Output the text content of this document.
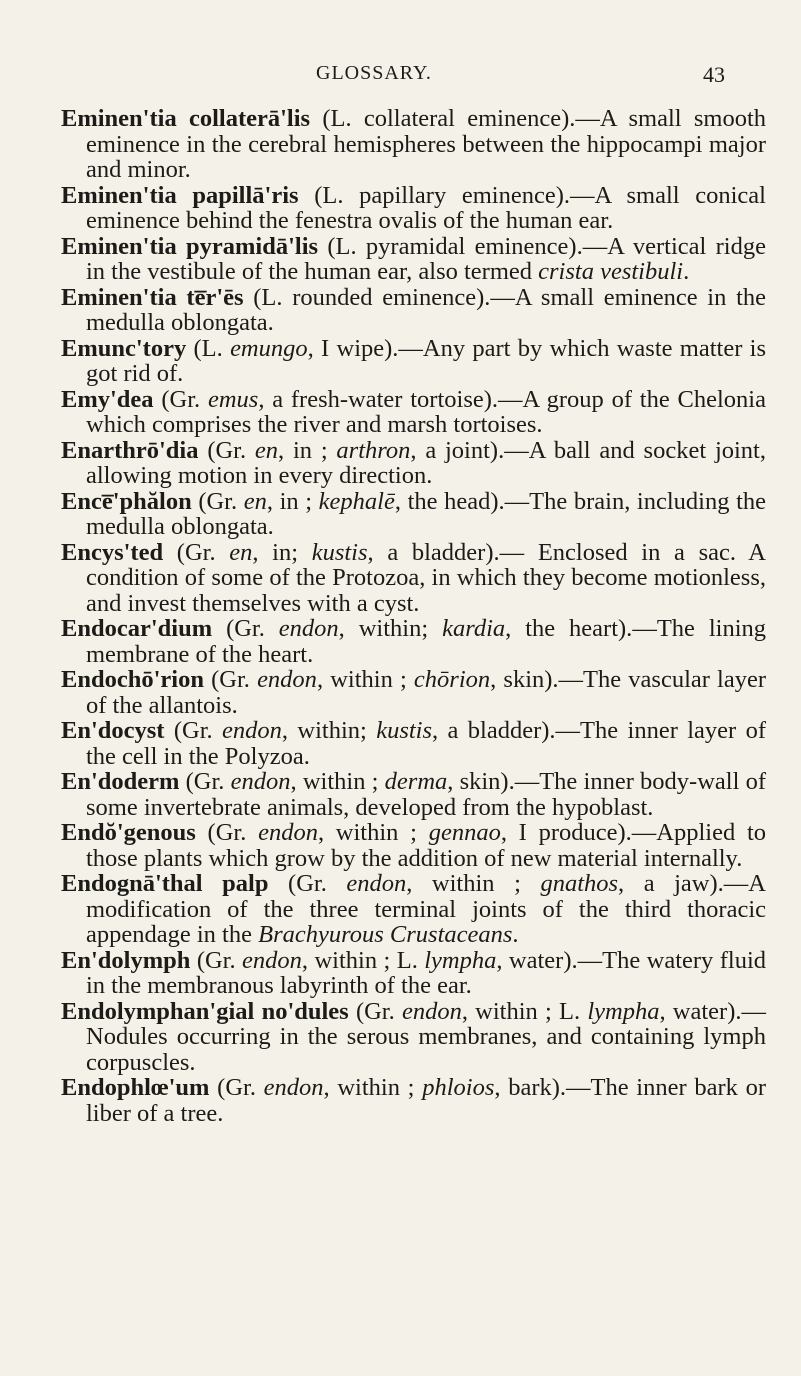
GLOSSARY.	43

Eminen'tia collaterā'lis (L. collateral eminence).—A small smooth eminence in the cerebral hemispheres between the hippocampi major and minor.

Eminen'tia papillā'ris (L. papillary eminence).—A small conical eminence behind the fenestra ovalis of the human ear.

Eminen'tia pyramidā'lis (L. pyramidal eminence).—A vertical ridge in the vestibule of the human ear, also termed crista vestibuli.

Eminen'tia te̅r'ēs (L. rounded eminence).—A small eminence in the medulla oblongata.

Emunc'tory (L. emungo, I wipe).—Any part by which waste matter is got rid of.

Emy'dea (Gr. emus, a fresh-water tortoise).—A group of the Chelonia which comprises the river and marsh tortoises.

Enarthrō'dia (Gr. en, in ; arthron, a joint).—A ball and socket joint, allowing motion in every direction.

Ence̅'phălon (Gr. en, in ; kephalē, the head).—The brain, including the medulla oblongata.

Encys'ted (Gr. en, in; kustis, a bladder).— Enclosed in a sac. A condition of some of the Protozoa, in which they become motionless, and invest themselves with a cyst.

Endocar'dium (Gr. endon, within; kardia, the heart).—The lining membrane of the heart.

Endochō'rion (Gr. endon, within ; chōrion, skin).—The vascular layer of the allantois.

En'docyst (Gr. endon, within; kustis, a bladder).—The inner layer of the cell in the Polyzoa.

En'doderm (Gr. endon, within ; derma, skin).—The inner body-wall of some invertebrate animals, developed from the hypoblast.

Endŏ'genous (Gr. endon, within ; gennao, I produce).—Applied to those plants which grow by the addition of new material internally.

Endognā'thal palp (Gr. endon, within ; gnathos, a jaw).—A modification of the three terminal joints of the third thoracic appendage in the Brachyurous Crustaceans.

En'dolymph (Gr. endon, within ; L. lympha, water).—The watery fluid in the membranous labyrinth of the ear.

Endolymphan'gial no'dules (Gr. endon, within ; L. lympha, water).—Nodules occurring in the serous membranes, and containing lymph corpuscles.

Endophlœ'um (Gr. endon, within ; phloios, bark).—The inner bark or liber of a tree.
